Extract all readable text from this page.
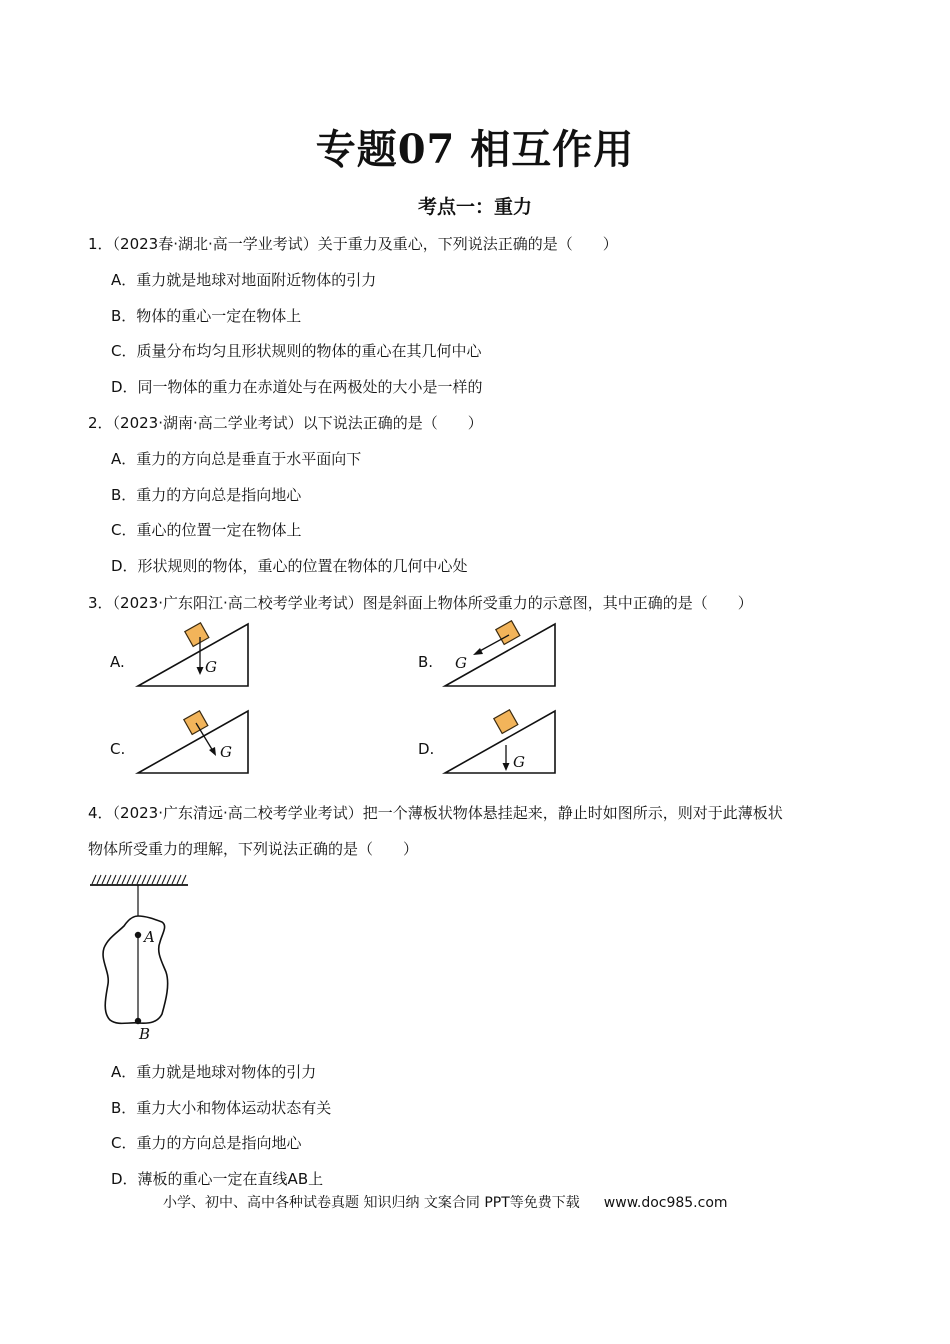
专题07 相互作用
考点一：重力
1．（2023春·湖北·高一学业考试）关于重力及重心，下列说法正确的是（　　）
A．重力就是地球对地面附近物体的引力
B．物体的重心一定在物体上
C．质量分布均匀且形状规则的物体的重心在其几何中心
D．同一物体的重力在赤道处与在两极处的大小是一样的
2．（2023·湖南·高二学业考试）以下说法正确的是（　　）
A．重力的方向总是垂直于水平面向下
B．重力的方向总是指向地心
C．重心的位置一定在物体上
D．形状规则的物体，重心的位置在物体的几何中心处
3．（2023·广东阳江·高二校考学业考试）图是斜面上物体所受重力的示意图，其中正确的是（　　）
A.	B.
C.	D.
G	G
G
G
4．（2023·广东清远·高二校考学业考试）把一个薄板状物体悬挂起来，静止时如图所示，则对于此薄板状
物体所受重力的理解，下列说法正确的是（　　）
A
B
A．重力就是地球对物体的引力
B．重力大小和物体运动状态有关
C．重力的方向总是指向地心
D．薄板的重心一定在直线AB上
小学、初中、高中各种试卷真题 知识归纳 文案合同 PPT等免费下载 www.doc985.com
